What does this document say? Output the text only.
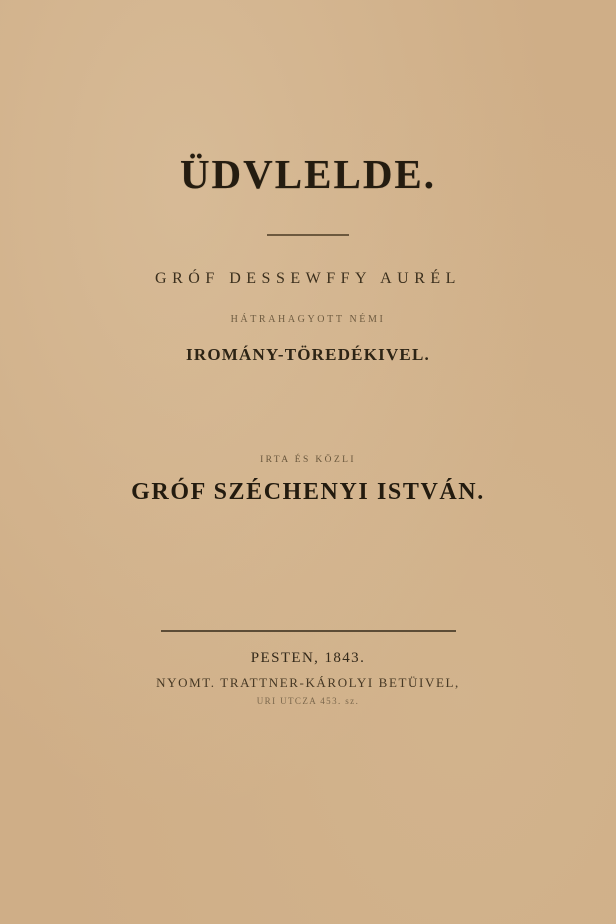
ÜDVLELDE.
GRÓF DESSEWFFY AURÉL
HÁTRAHAGYOTT NÉMI
IROMÁNY-TÖREDÉKIVEL.
IRTA ÉS KÖZLI
GRÓF SZÉCHENYI ISTVÁN.
PESTEN, 1843.
NYOMT. TRATTNER-KÁROLYI BETÜIVEL,
URI UTCZA 453. sz.
